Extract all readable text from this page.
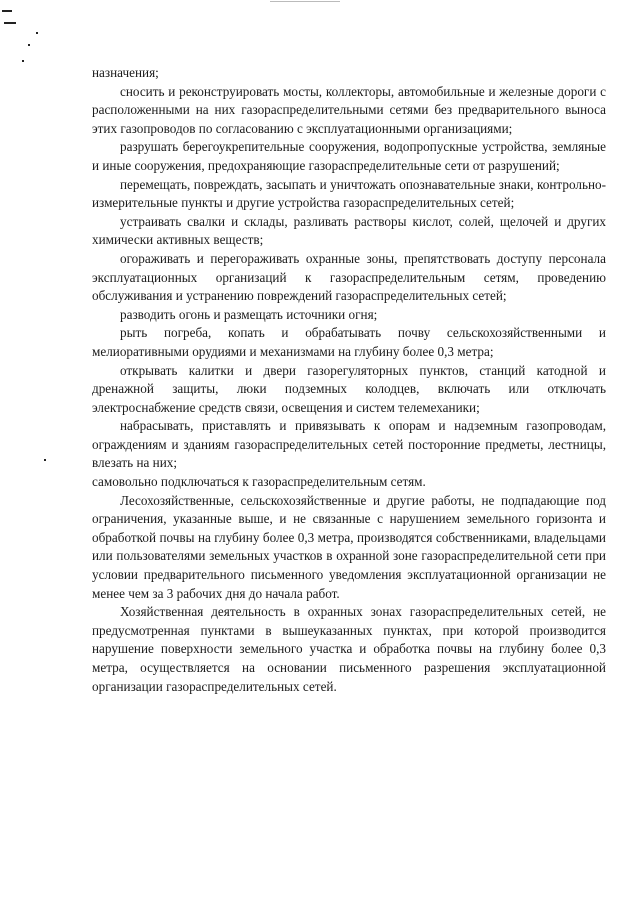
назначения;

сносить и реконструировать мосты, коллекторы, автомобильные и железные дороги с расположенными на них газораспределительными сетями без предварительного выноса этих газопроводов по согласованию с эксплуатационными организациями;

разрушать берегоукрепительные сооружения, водопропускные устройства, земляные и иные сооружения, предохраняющие газораспределительные сети от разрушений;

перемещать, повреждать, засыпать и уничтожать опознавательные знаки, контрольно-измерительные пункты и другие устройства газораспределительных сетей;

устраивать свалки и склады, разливать растворы кислот, солей, щелочей и других химически активных веществ;

огораживать и перегораживать охранные зоны, препятствовать доступу персонала эксплуатационных организаций к газораспределительным сетям, проведению обслуживания и устранению повреждений газораспределительных сетей;

разводить огонь и размещать источники огня;

рыть погреба, копать и обрабатывать почву сельскохозяйственными и мелиоративными орудиями и механизмами на глубину более 0,3 метра;

открывать калитки и двери газорегуляторных пунктов, станций катодной и дренажной защиты, люки подземных колодцев, включать или отключать электроснабжение средств связи, освещения и систем телемеханики;

набрасывать, приставлять и привязывать к опорам и надземным газопроводам, ограждениям и зданиям газораспределительных сетей посторонние предметы, лестницы, влезать на них;

самовольно подключаться к газораспределительным сетям.

Лесохозяйственные, сельскохозяйственные и другие работы, не подпадающие под ограничения, указанные выше, и не связанные с нарушением земельного горизонта и обработкой почвы на глубину более 0,3 метра, производятся собственниками, владельцами или пользователями земельных участков в охранной зоне газораспределительной сети при условии предварительного письменного уведомления эксплуатационной организации не менее чем за 3 рабочих дня до начала работ.

Хозяйственная деятельность в охранных зонах газораспределительных сетей, не предусмотренная пунктами в вышеуказанных пунктах, при которой производится нарушение поверхности земельного участка и обработка почвы на глубину более 0,3 метра, осуществляется на основании письменного разрешения эксплуатационной организации газораспределительных сетей.
